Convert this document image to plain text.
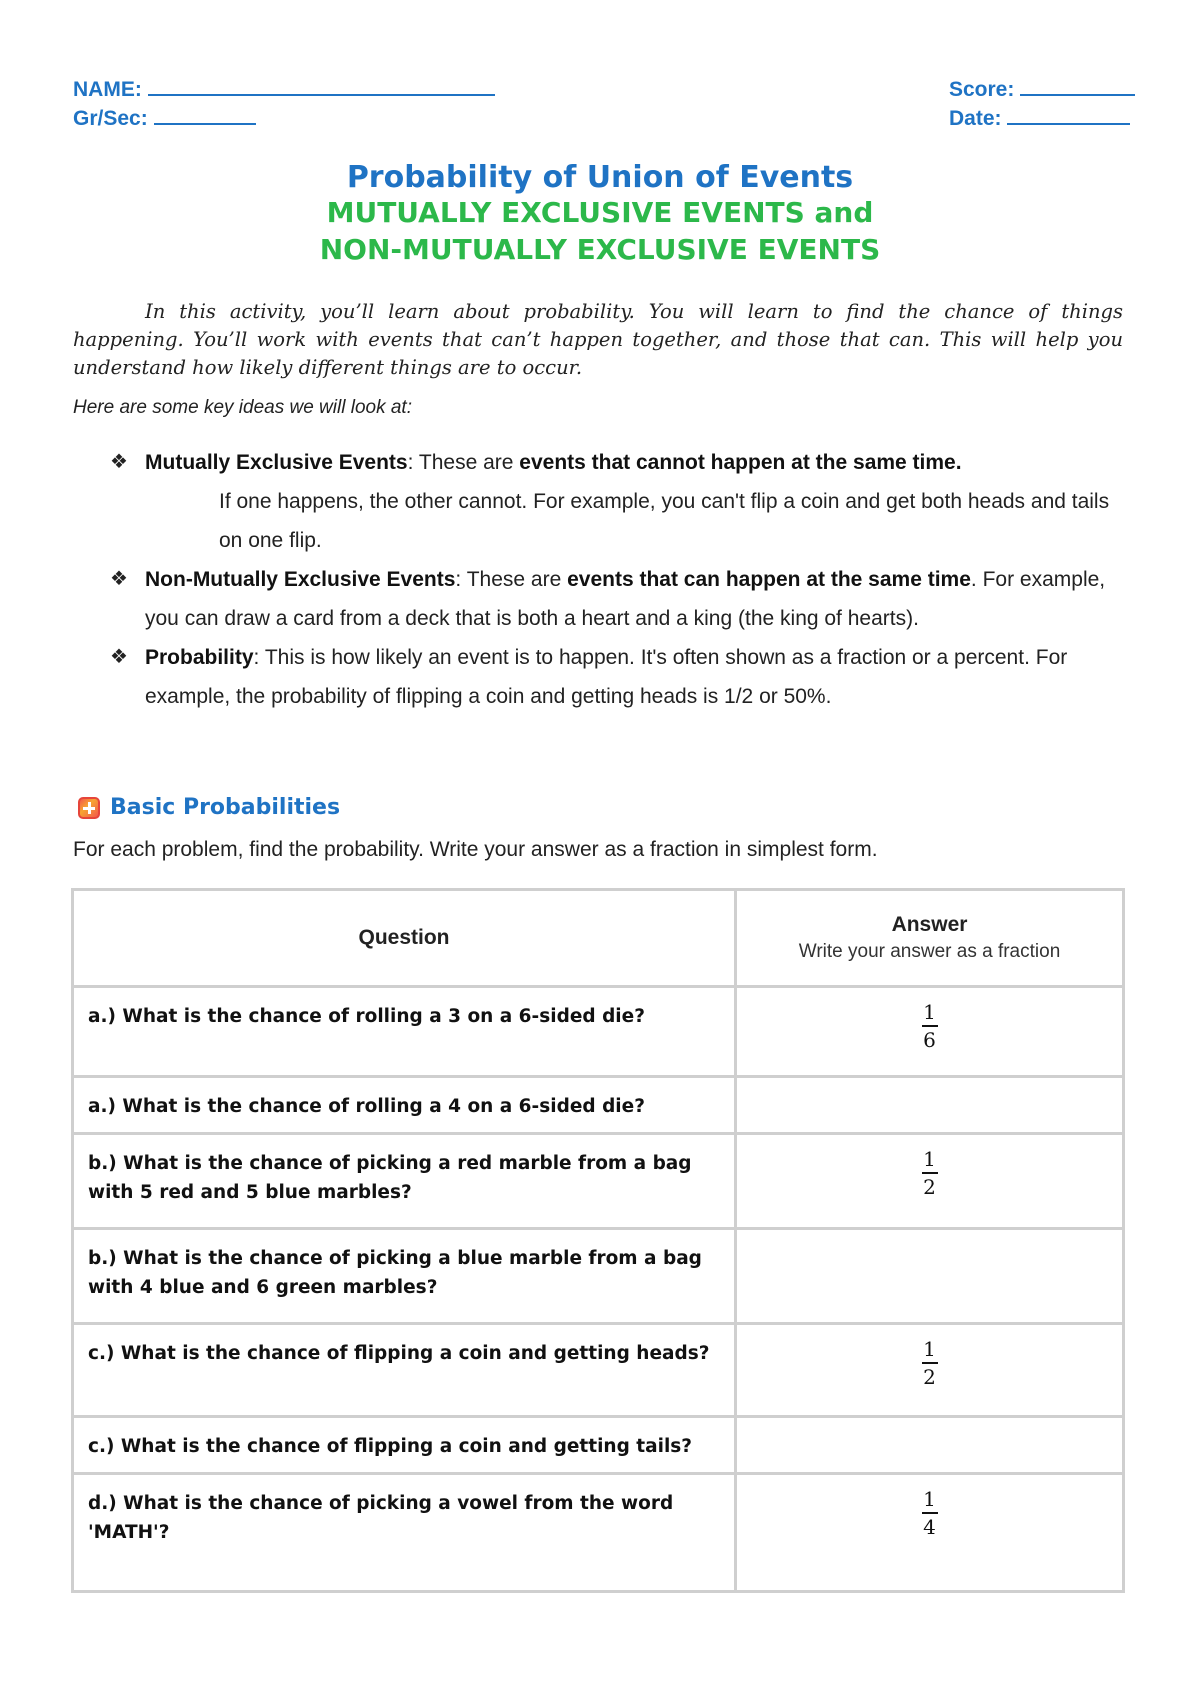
NAME:
Gr/Sec:
Score:
Date:
Probability of Union of Events
MUTUALLY EXCLUSIVE EVENTS and
NON-MUTUALLY EXCLUSIVE EVENTS
In this activity, you’ll learn about probability. You will learn to find the chance of things happening. You’ll work with events that can’t happen together, and those that can. This will help you understand how likely different things are to occur.
Here are some key ideas we will look at:
❖ Mutually Exclusive Events: These are events that cannot happen at the same time.
If one happens, the other cannot. For example, you can't flip a coin and get both heads and tails on one flip.
❖ Non-Mutually Exclusive Events: These are events that can happen at the same time. For example, you can draw a card from a deck that is both a heart and a king (the king of hearts).
❖ Probability: This is how likely an event is to happen. It's often shown as a fraction or a percent. For example, the probability of flipping a coin and getting heads is 1/2 or 50%.
Basic Probabilities
For each problem, find the probability. Write your answer as a fraction in simplest form.
Question	Answer
Write your answer as a fraction

a.) What is the chance of rolling a 3 on a 6-sided die?	$\frac{1}{6}$

a.) What is the chance of rolling a 4 on a 6-sided die?	
b.) What is the chance of picking a red marble from a bag with 5 red and 5 blue marbles?	$\frac{1}{2}$

b.) What is the chance of picking a blue marble from a bag with 4 blue and 6 green marbles?	
c.) What is the chance of flipping a coin and getting heads?	$\frac{1}{2}$

c.) What is the chance of flipping a coin and getting tails?	
d.) What is the chance of picking a vowel from the word 'MATH'?	$\frac{1}{4}$
